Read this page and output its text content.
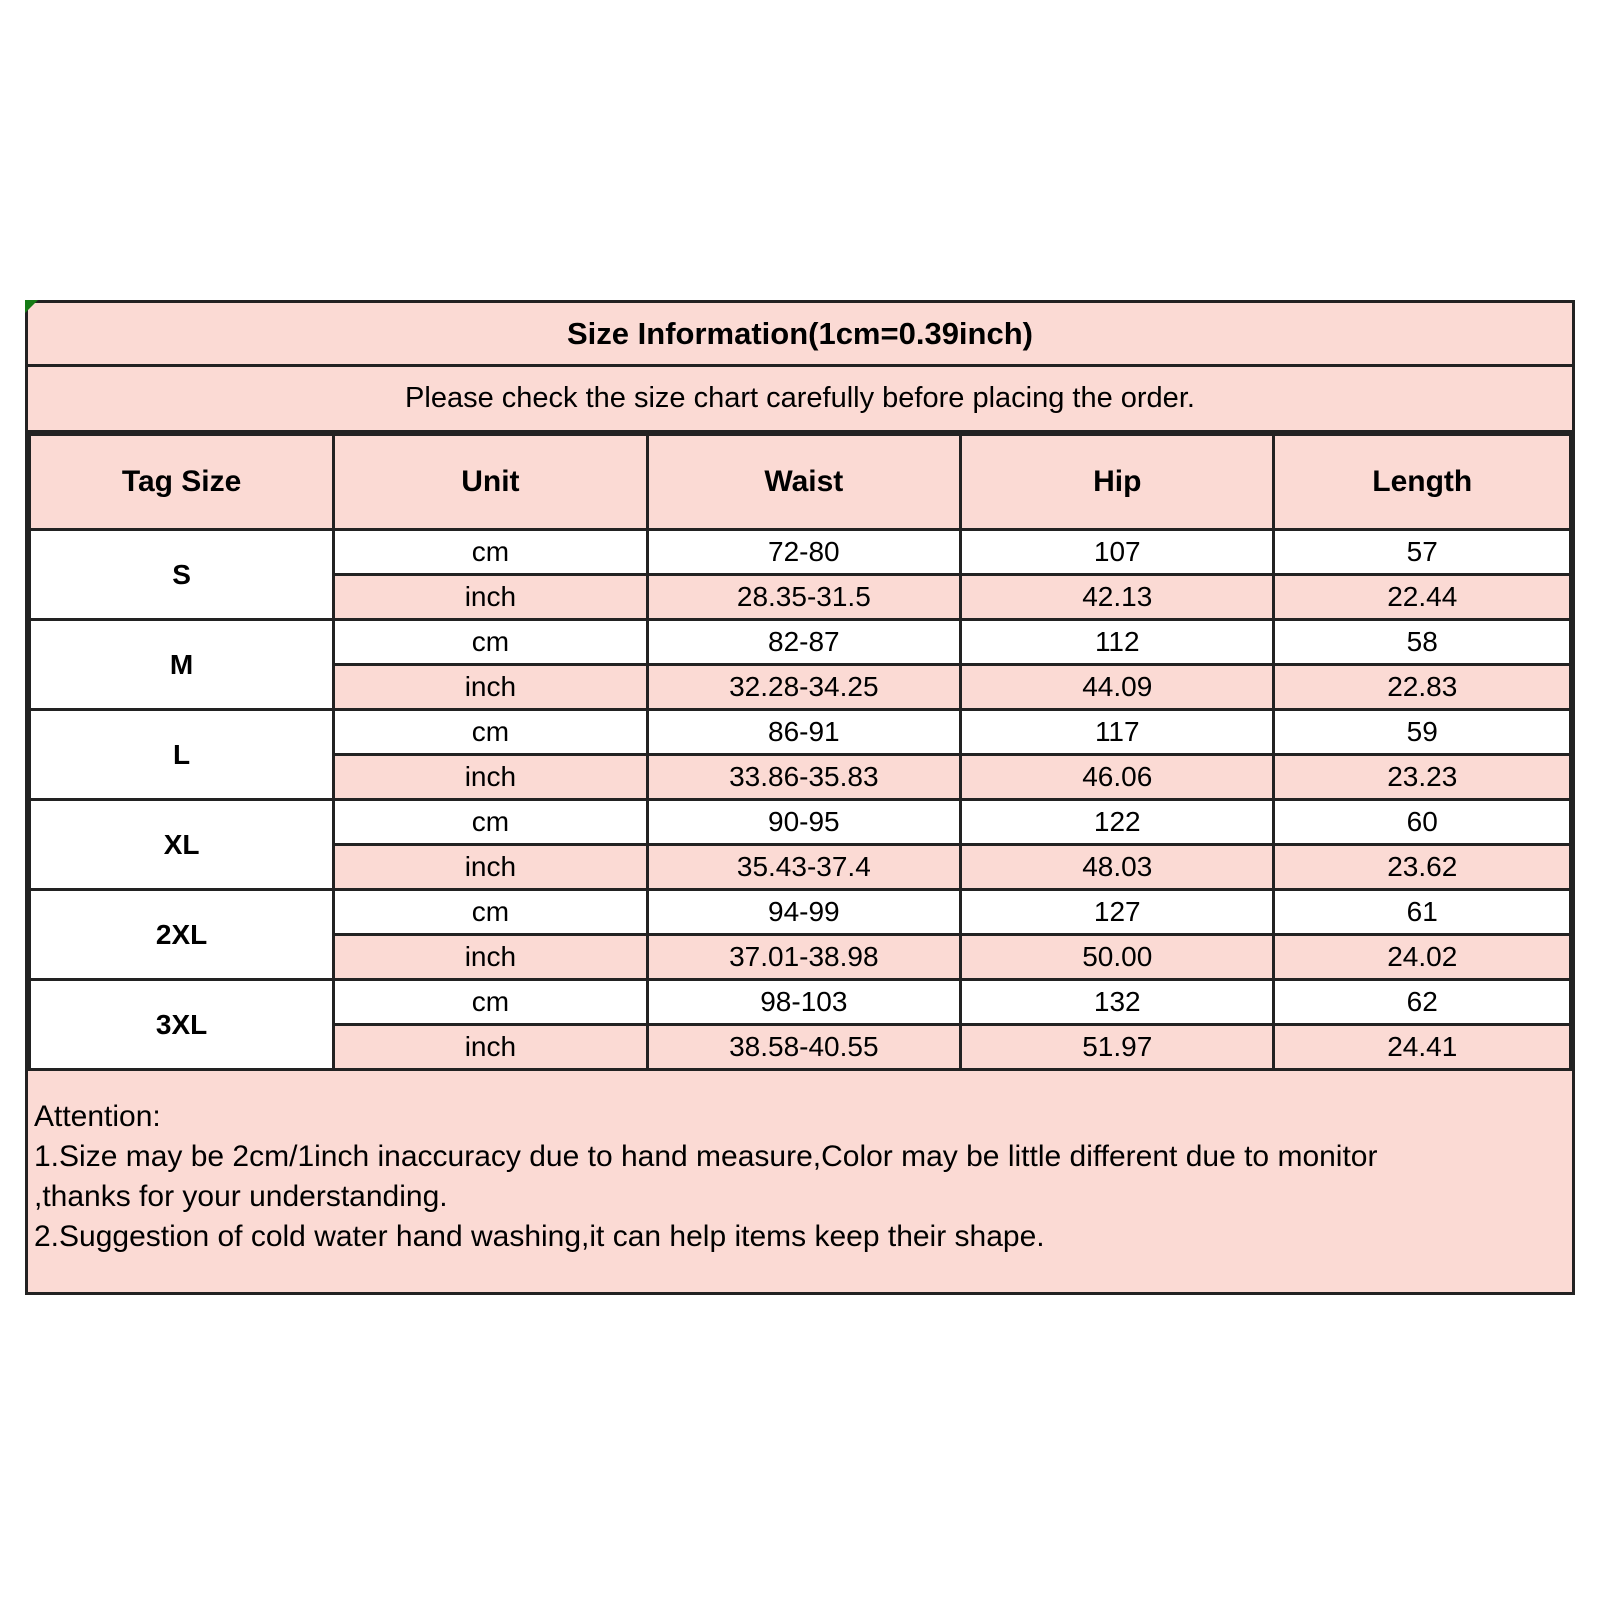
Size Information(1cm=0.39inch)
Please check the size chart carefully before placing the order.
Tag Size	Unit	Waist	Hip	Length
S	cm	72-80	107	57
	inch	28.35-31.5	42.13	22.44
M	cm	82-87	112	58
	inch	32.28-34.25	44.09	22.83
L	cm	86-91	117	59
	inch	33.86-35.83	46.06	23.23
XL	cm	90-95	122	60
	inch	35.43-37.4	48.03	23.62
2XL	cm	94-99	127	61
	inch	37.01-38.98	50.00	24.02
3XL	cm	98-103	132	62
	inch	38.58-40.55	51.97	24.41
Attention:
1.Size may be 2cm/1inch inaccuracy due to hand measure,Color may be little different due to monitor
,thanks for your understanding.
2.Suggestion of cold water hand washing,it can help items keep their shape.
